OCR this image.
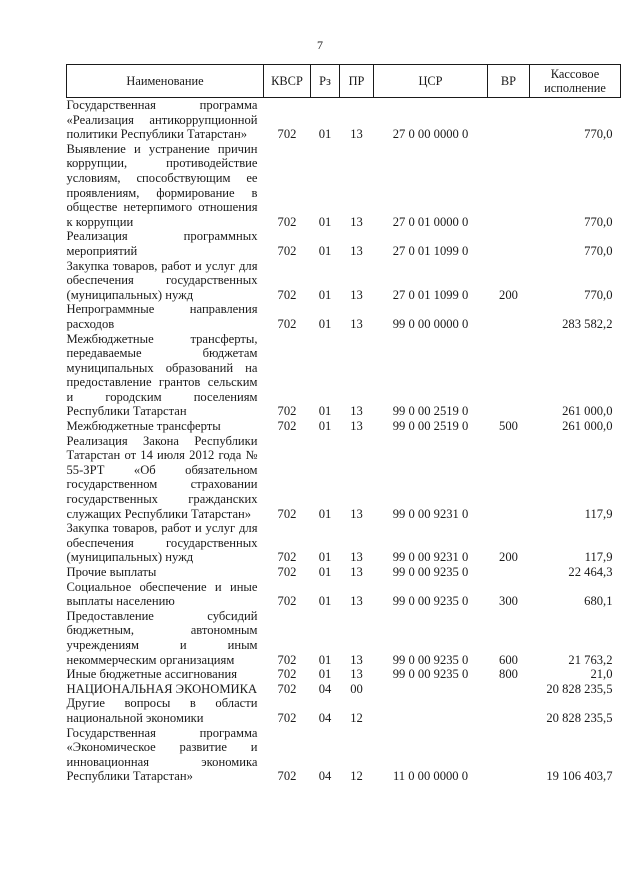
7
Наименование	КВСР	Рз	ПР	ЦСР	ВР	Кассовое исполнение
Государственная программа «Реализация антикоррупционной политики Республики Татарстан»	702	01	13	27 0 00 0000 0		770,0
Выявление и устранение причин коррупции, противодействие условиям, способствующим ее проявлениям, формирование в обществе нетерпимого отношения к коррупции	702	01	13	27 0 01 0000 0		770,0
Реализация программных мероприятий	702	01	13	27 0 01 1099 0		770,0
Закупка товаров, работ и услуг для обеспечения государственных (муниципальных) нужд	702	01	13	27 0 01 1099 0	200	770,0
Непрограммные направления расходов	702	01	13	99 0 00 0000 0		283 582,2
Межбюджетные трансферты, передаваемые бюджетам муниципальных образований на предоставление грантов сельским и городским поселениям Республики Татарстан	702	01	13	99 0 00 2519 0		261 000,0
Межбюджетные трансферты	702	01	13	99 0 00 2519 0	500	261 000,0
Реализация Закона Республики Татарстан от 14 июля 2012 года № 55-ЗРТ «Об обязательном государственном страховании государственных гражданских служащих Республики Татарстан»	702	01	13	99 0 00 9231 0		117,9
Закупка товаров, работ и услуг для обеспечения государственных (муниципальных) нужд	702	01	13	99 0 00 9231 0	200	117,9
Прочие выплаты	702	01	13	99 0 00 9235 0		22 464,3
Социальное обеспечение и иные выплаты населению	702	01	13	99 0 00 9235 0	300	680,1
Предоставление субсидий бюджетным, автономным учреждениям и иным некоммерческим организациям	702	01	13	99 0 00 9235 0	600	21 763,2
Иные бюджетные ассигнования	702	01	13	99 0 00 9235 0	800	21,0
НАЦИОНАЛЬНАЯ ЭКОНОМИКА	702	04	00			20 828 235,5
Другие вопросы в области национальной экономики	702	04	12			20 828 235,5
Государственная программа «Экономическое развитие и инновационная экономика Республики Татарстан»	702	04	12	11 0 00 0000 0		19 106 403,7
